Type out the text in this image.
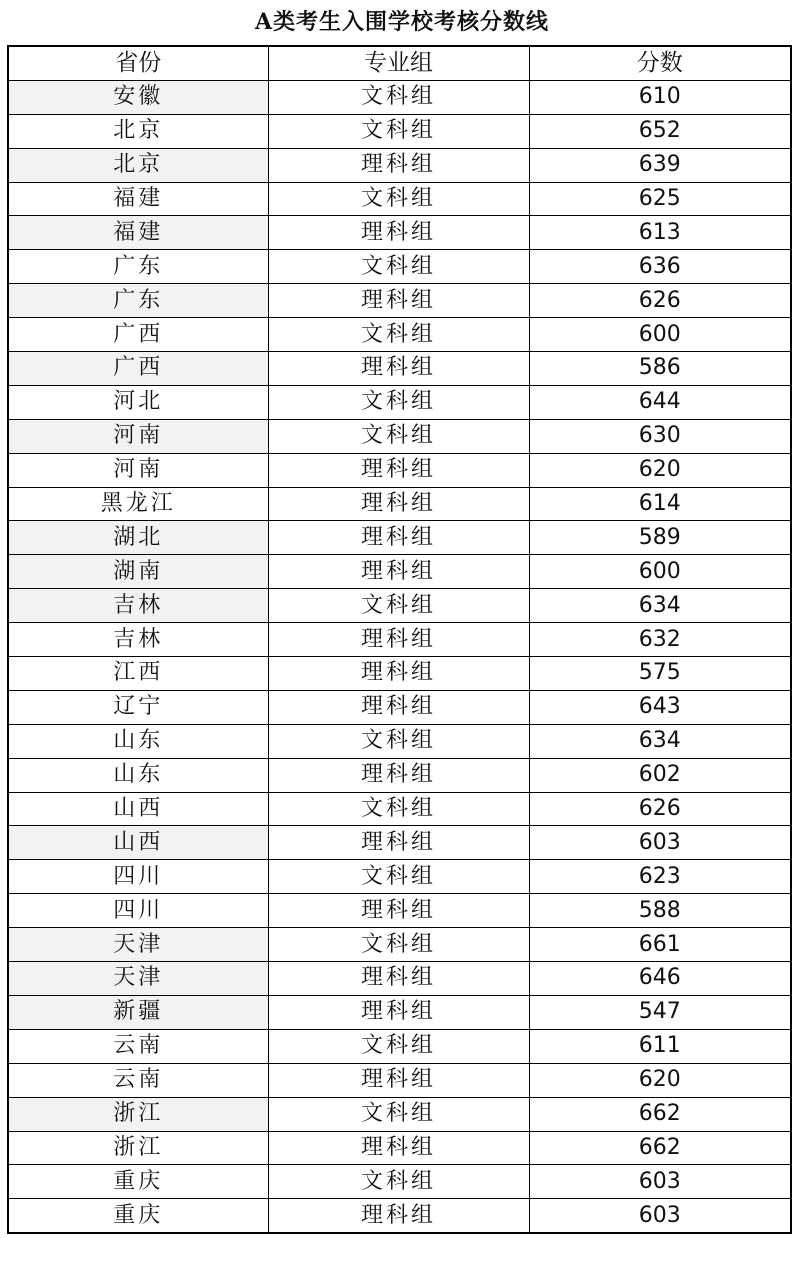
A类考生入围学校考核分数线
省份	专业组	分数
安徽	文科组	610
北京	文科组	652
北京	理科组	639
福建	文科组	625
福建	理科组	613
广东	文科组	636
广东	理科组	626
广西	文科组	600
广西	理科组	586
河北	文科组	644
河南	文科组	630
河南	理科组	620
黑龙江	理科组	614
湖北	理科组	589
湖南	理科组	600
吉林	文科组	634
吉林	理科组	632
江西	理科组	575
辽宁	理科组	643
山东	文科组	634
山东	理科组	602
山西	文科组	626
山西	理科组	603
四川	文科组	623
四川	理科组	588
天津	文科组	661
天津	理科组	646
新疆	理科组	547
云南	文科组	611
云南	理科组	620
浙江	文科组	662
浙江	理科组	662
重庆	文科组	603
重庆	理科组	603
